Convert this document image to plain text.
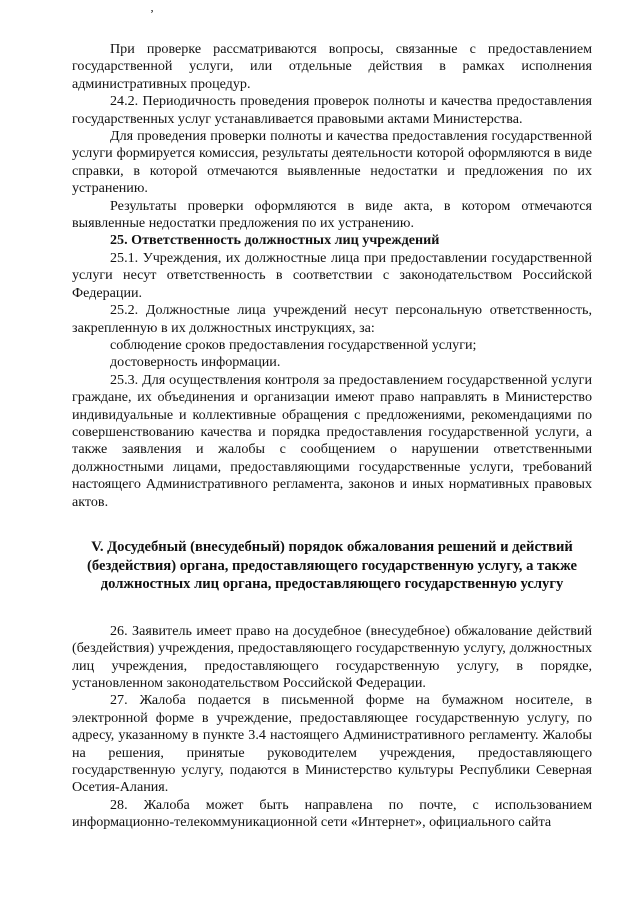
ʼ

При проверке рассматриваются вопросы, связанные с предоставлением государственной услуги, или отдельные действия в рамках исполнения административных процедур.

24.2. Периодичность проведения проверок полноты и качества предоставления государственных услуг устанавливается правовыми актами Министерства.

Для проведения проверки полноты и качества предоставления государственной услуги формируется комиссия, результаты деятельности которой оформляются в виде справки, в которой отмечаются выявленные недостатки и предложения по их устранению.

Результаты проверки оформляются в виде акта, в котором отмечаются выявленные недостатки предложения по их устранению.

25. Ответственность должностных лиц учреждений

25.1. Учреждения, их должностные лица при предоставлении государственной услуги несут ответственность в соответствии с законодательством Российской Федерации.

25.2. Должностные лица учреждений несут персональную ответственность, закрепленную в их должностных инструкциях, за:

соблюдение сроков предоставления государственной услуги;

достоверность информации.

25.3. Для осуществления контроля за предоставлением государственной услуги граждане, их объединения и организации имеют право направлять в Министерство индивидуальные и коллективные обращения с предложениями, рекомендациями по совершенствованию качества и порядка предоставления государственной услуги, а также заявления и жалобы с сообщением о нарушении ответственными должностными лицами, предоставляющими государственные услуги, требований настоящего Административного регламента, законов и иных нормативных правовых актов.

V. Досудебный (внесудебный) порядок обжалования решений и действий (бездействия) органа, предоставляющего государственную услугу, а также должностных лиц органа, предоставляющего государственную услугу

26. Заявитель имеет право на досудебное (внесудебное) обжалование действий (бездействия) учреждения, предоставляющего государственную услугу, должностных лиц учреждения, предоставляющего государственную услугу, в порядке, установленном законодательством Российской Федерации.

27. Жалоба подается в письменной форме на бумажном носителе, в электронной форме в учреждение, предоставляющее государственную услугу, по адресу, указанному в пункте 3.4 настоящего Административного регламенту. Жалобы на решения, принятые руководителем учреждения, предоставляющего государственную услугу, подаются в Министерство культуры Республики Северная Осетия-Алания.

28. Жалоба может быть направлена по почте, с использованием информационно-телекоммуникационной сети «Интернет», официального сайта
